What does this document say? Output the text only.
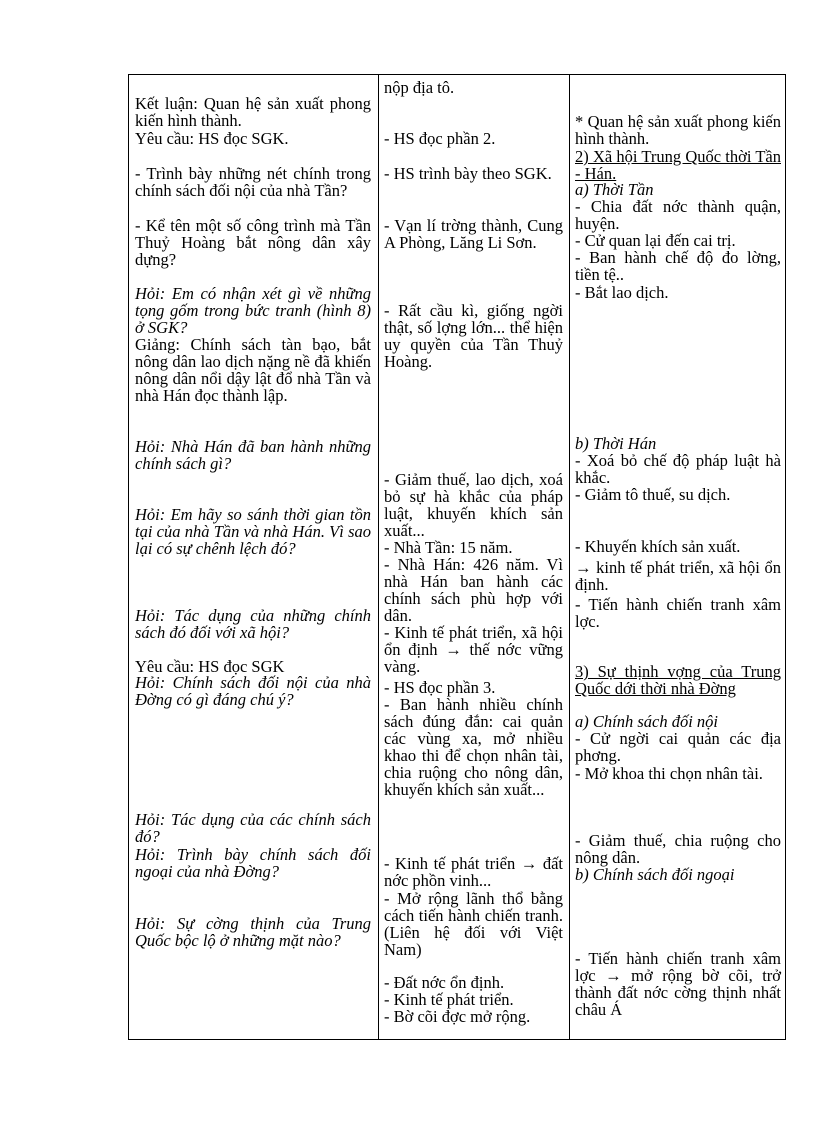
Kết luận: Quan hệ sản xuất phong kiến hình thành.

Yêu cầu: HS đọc SGK.

- Trình bày những nét chính trong chính sách đối nội của nhà Tần?

- Kể tên một số công trình mà Tần Thuỷ Hoàng bắt nông dân xây dựng?

Hỏi: Em có nhận xét gì về những tọng gốm trong bức tranh (hình 8) ở SGK?

Giảng: Chính sách tàn bạo, bắt nông dân lao dịch nặng nề đã khiến nông dân nổi dậy lật đổ nhà Tần và nhà Hán đọc thành lập.

Hỏi: Nhà Hán đã ban hành những chính sách gì?

Hỏi: Em hãy so sánh thời gian tồn tại của nhà Tần và nhà Hán. Vì sao lại có sự chênh lệch đó?

Hỏi: Tác dụng của những chính sách đó đối với xã hội?

Yêu cầu: HS đọc SGK

Hỏi: Chính sách đối nội của nhà Đờng có gì đáng chú ý?

Hỏi: Tác dụng của các chính sách đó?

Hỏi: Trình bày chính sách đối ngoại của nhà Đờng?

Hỏi: Sự cờng thịnh của Trung Quốc bộc lộ ở những mặt nào?

nộp địa tô.

- HS đọc phần 2.

- HS trình bày theo SGK.

- Vạn lí trờng thành, Cung A Phòng, Lăng Li Sơn.

- Rất cầu kì, giống ngời thật, số lợng lớn... thể hiện uy quyền của Tần Thuỷ Hoàng.

- Giảm thuế, lao dịch, xoá bỏ sự hà khắc của pháp luật, khuyến khích sản xuất...

- Nhà Tần: 15 năm.

- Nhà Hán: 426 năm. Vì nhà Hán ban hành các chính sách phù hợp với dân.

- Kinh tế phát triển, xã hội ổn định → thế nớc vững vàng.

- HS đọc phần 3.

- Ban hành nhiều chính sách đúng đắn: cai quản các vùng xa, mở nhiều khao thi để chọn nhân tài, chia ruộng cho nông dân, khuyến khích sản xuất...

- Kinh tế phát triển → đất nớc phồn vinh...

- Mở rộng lãnh thổ bằng cách tiến hành chiến tranh. (Liên hệ đối với Việt Nam)

- Đất nớc ổn định.

- Kinh tế phát triển.

- Bờ cõi đợc mở rộng.

* Quan hệ sản xuất phong kiến hình thành.

2) Xã hội Trung Quốc thời Tần - Hán.

a) Thời Tần

- Chia đất nớc thành quận, huyện.

- Cử quan lại đến cai trị.

- Ban hành chế độ đo lờng, tiền tệ..

- Bắt lao dịch.

b) Thời Hán

- Xoá bỏ chế độ pháp luật hà khắc.

- Giảm tô thuế, su dịch.

- Khuyến khích sản xuất.

→ kinh tế phát triển, xã hội ổn định.

- Tiến hành chiến tranh xâm lợc.

3) Sự thịnh vợng của Trung Quốc dới thời nhà Đờng

a) Chính sách đối nội

- Cử ngời cai quản các địa phơng.

- Mở khoa thi chọn nhân tài.

- Giảm thuế, chia ruộng cho nông dân.

b) Chính sách đối ngoại

- Tiến hành chiến tranh xâm lợc → mở rộng bờ cõi, trở thành đất nớc cờng thịnh nhất châu Á
